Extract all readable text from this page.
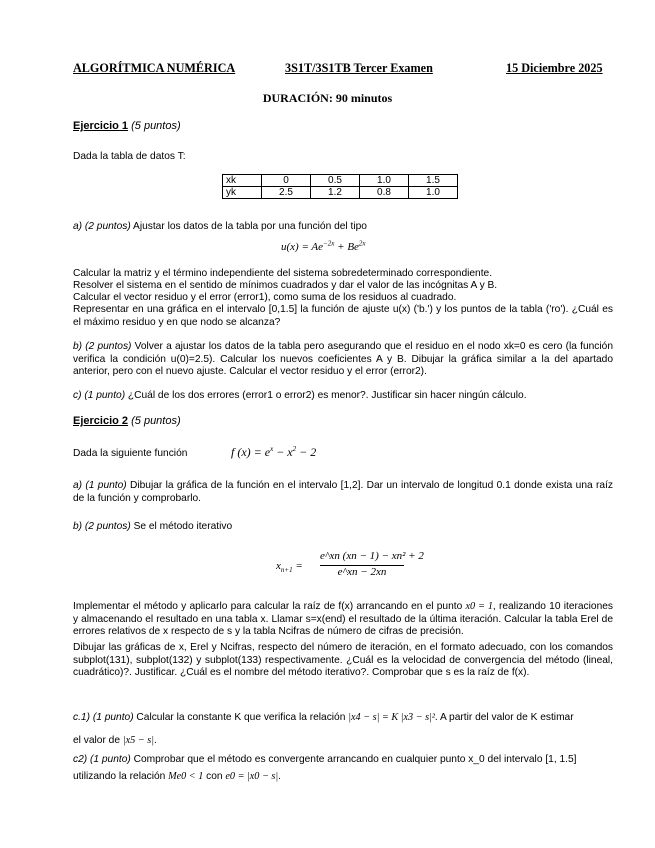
ALGORÍTMICA NUMÉRICA	3S1T/3S1TB Tercer Examen	15 Diciembre 2025
DURACIÓN: 90 minutos
Ejercicio 1 (5 puntos)
Dada la tabla de datos T:
xk	0	0.5	1.0	1.5
yk	2.5	1.2	0.8	1.0
a) (2 puntos) Ajustar los datos de la tabla por una función del tipo
$u(x) = Ae^{-2x} + Be^{2x}$
Calcular la matriz y el término independiente del sistema sobredeterminado correspondiente.
Resolver el sistema en el sentido de mínimos cuadrados y dar el valor de las incógnitas A y B.
Calcular el vector residuo y el error (error1), como suma de los residuos al cuadrado.
Representar en una gráfica en el intervalo [0,1.5] la función de ajuste u(x) ('b.') y los puntos de la tabla ('ro'). ¿Cuál es el máximo residuo y en que nodo se alcanza?
b) (2 puntos) Volver a ajustar los datos de la tabla pero asegurando que el residuo en el nodo xk=0 es cero (la función verifica la condición u(0)=2.5). Calcular los nuevos coeficientes A y B. Dibujar la gráfica similar a la del apartado anterior, pero con el nuevo ajuste. Calcular el vector residuo y el error (error2).
c) (1 punto) ¿Cuál de los dos errores (error1 o error2) es menor?. Justificar sin hacer ningún cálculo.
Ejercicio 2 (5 puntos)
Dada la siguiente función	f $(x) = e^x - x^2 - 2$
a) (1 punto) Dibujar la gráfica de la función en el intervalo [1,2]. Dar un intervalo de longitud 0.1 donde exista una raíz de la función y comprobarlo.
b) (2 puntos) Se el método iterativo
$x_{n+1}$ =
e^xn (xn − 1) − xn² + 2
e^xn − 2xn
Implementar el método y aplicarlo para calcular la raíz de f(x) arrancando en el punto x0 = 1, realizando 10 iteraciones y almacenando el resultado en una tabla x. Llamar s=x(end) el resultado de la última iteración. Calcular la tabla Erel de errores relativos de x respecto de s y la tabla Ncifras de número de cifras de precisión.
Dibujar las gráficas de x, Erel y Ncifras, respecto del número de iteración, en el formato adecuado, con los comandos subplot(131), subplot(132) y subplot(133) respectivamente. ¿Cuál es la velocidad de convergencia del método (lineal, cuadrático)?. Justificar. ¿Cuál es el nombre del método iterativo?. Comprobar que s es la raíz de f(x).
c.1) (1 punto) Calcular la constante K que verifica la relación |x4 − s| = K |x3 − s|². A partir del valor de K estimar
el valor de |x5 − s|.
c2) (1 punto) Comprobar que el método es convergente arrancando en cualquier punto x_0 del intervalo [1, 1.5]
utilizando la relación Me0 < 1 con e0 = |x0 − s|.
